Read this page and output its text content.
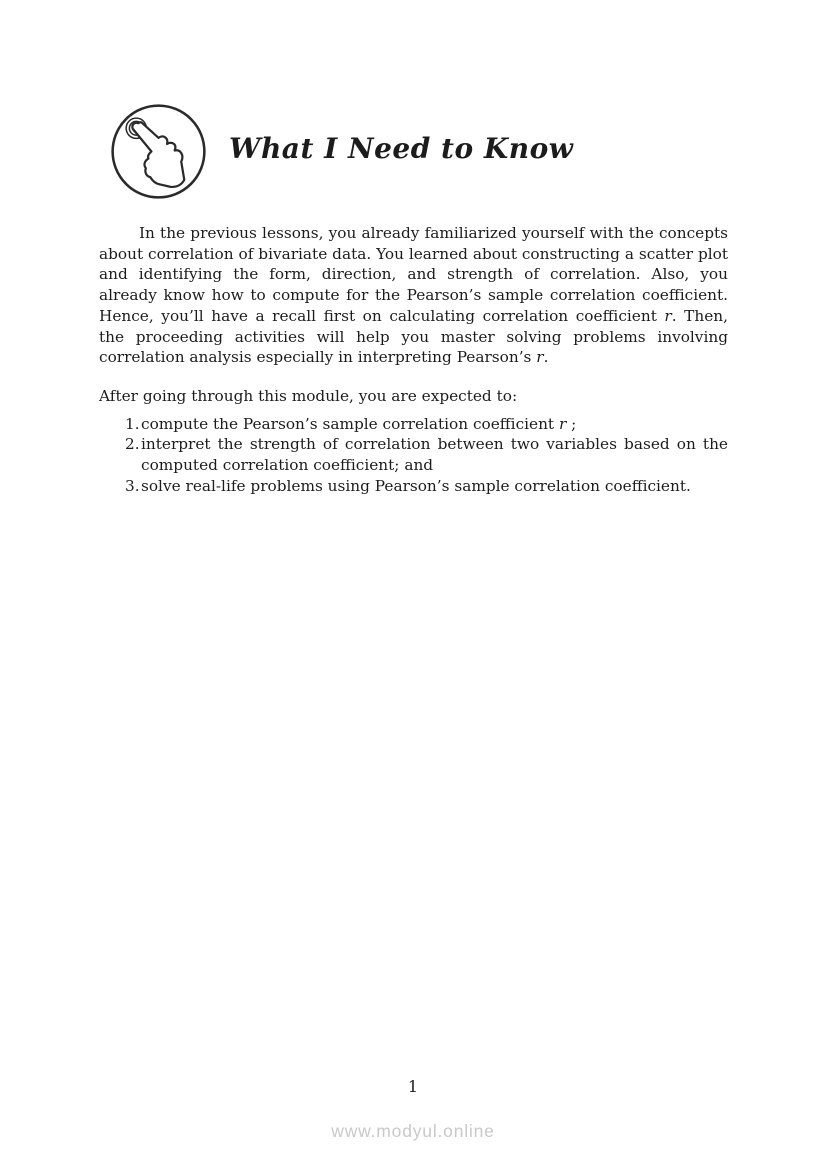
What I Need to Know

In the previous lessons, you already familiarized yourself with the concepts about correlation of bivariate data. You learned about constructing a scatter plot and identifying the form, direction, and strength of correlation. Also, you already know how to compute for the Pearson’s sample correlation coefficient. Hence, you’ll have a recall first on calculating correlation coefficient r. Then, the proceeding activities will help you master solving problems involving correlation analysis especially in interpreting Pearson’s r.

After going through this module, you are expected to:

1. compute the Pearson’s sample correlation coefficient r ;
2. interpret the strength of correlation between two variables based on the computed correlation coefficient; and
3. solve real-life problems using Pearson’s sample correlation coefficient.
1
www.modyul.online
